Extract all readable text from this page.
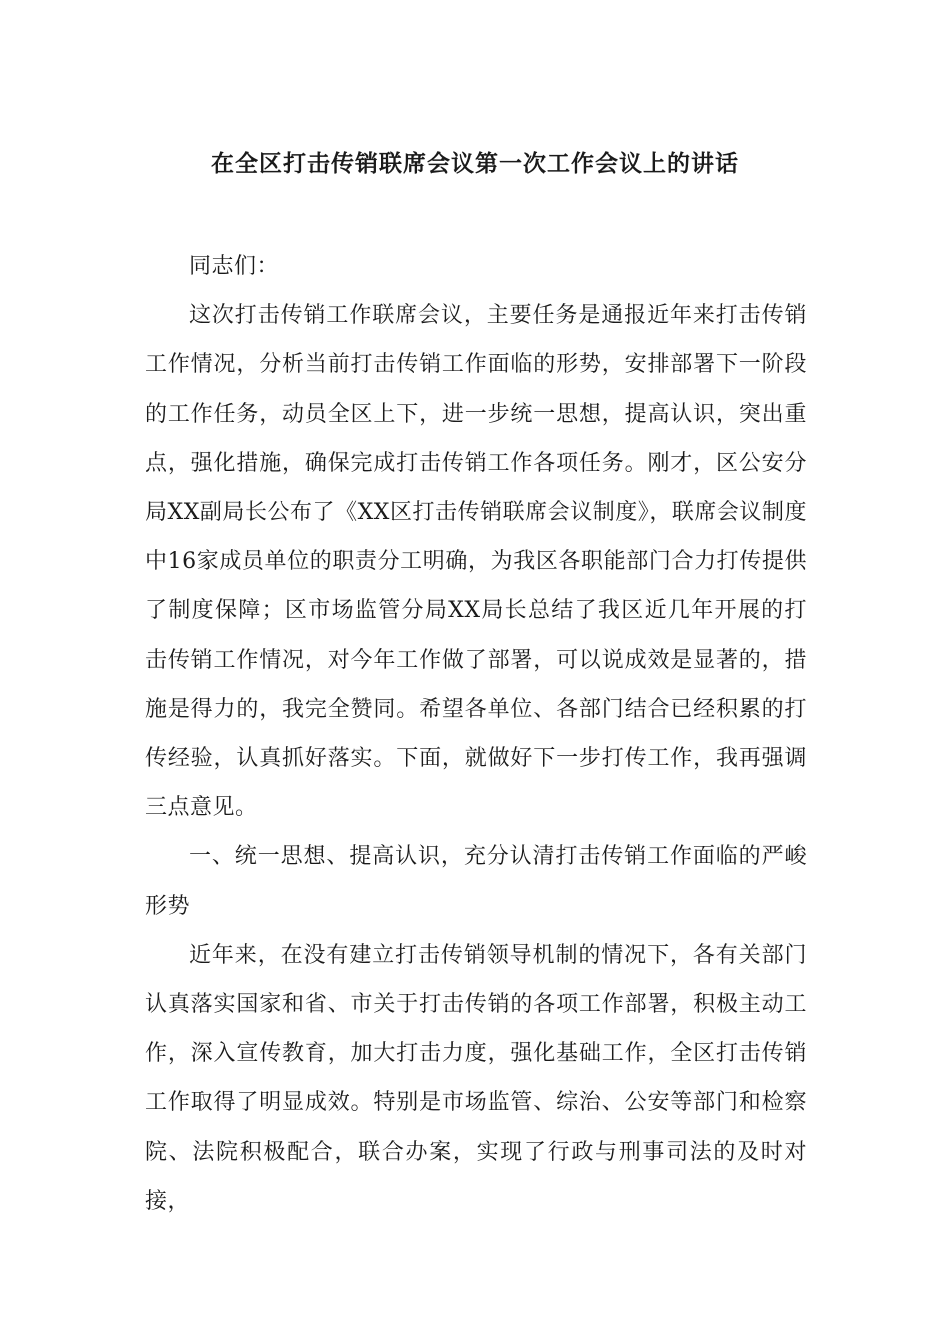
在全区打击传销联席会议第一次工作会议上的讲话

同志们：

这次打击传销工作联席会议，主要任务是通报近年来打击传销工作情况，分析当前打击传销工作面临的形势，安排部署下一阶段的工作任务，动员全区上下，进一步统一思想，提高认识，突出重点，强化措施，确保完成打击传销工作各项任务。刚才，区公安分局XX副局长公布了《XX区打击传销联席会议制度》，联席会议制度中16家成员单位的职责分工明确，为我区各职能部门合力打传提供了制度保障；区市场监管分局XX局长总结了我区近几年开展的打击传销工作情况，对今年工作做了部署，可以说成效是显著的，措施是得力的，我完全赞同。希望各单位、各部门结合已经积累的打传经验，认真抓好落实。下面，就做好下一步打传工作，我再强调三点意见。

一、统一思想、提高认识，充分认清打击传销工作面临的严峻形势

近年来，在没有建立打击传销领导机制的情况下，各有关部门认真落实国家和省、市关于打击传销的各项工作部署，积极主动工作，深入宣传教育，加大打击力度，强化基础工作，全区打击传销工作取得了明显成效。特别是市场监管、综治、公安等部门和检察院、法院积极配合，联合办案，实现了行政与刑事司法的及时对接，
